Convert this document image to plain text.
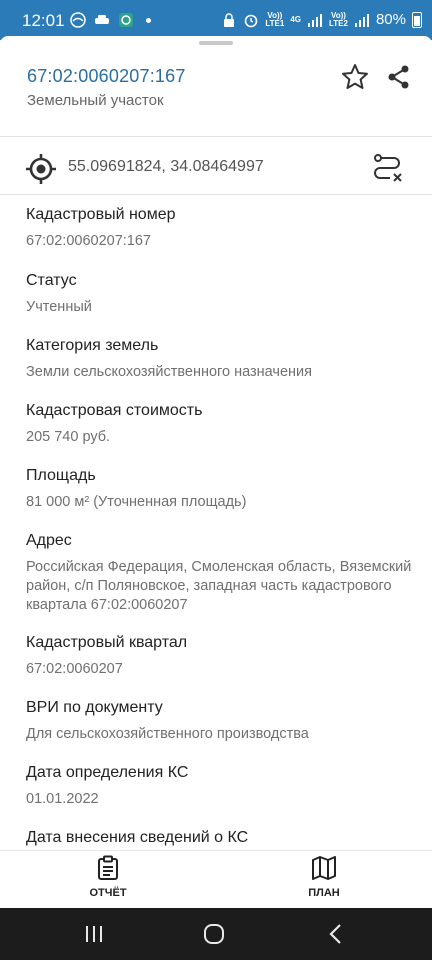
12:01	Vo))
LTE1 4G	Vo))
LTE2 80%
67:02:0060207:167
Земельный участок
55.09691824, 34.08464997
Кадастровый номер
67:02:0060207:167
Статус
Учтенный
Категория земель
Земли сельскохозяйственного назначения
Кадастровая стоимость
205 740 руб.
Площадь
81 000 м² (Уточненная площадь)
Адрес
Российская Федерация, Смоленская область, Вяземский район, с/п Поляновское, западная часть кадастрового квартала 67:02:0060207
Кадастровый квартал
67:02:0060207
ВРИ по документу
Для сельскохозяйственного производства
Дата определения КС
01.01.2022
Дата внесения сведений о КС
ОТЧЁТ	ПЛАН
